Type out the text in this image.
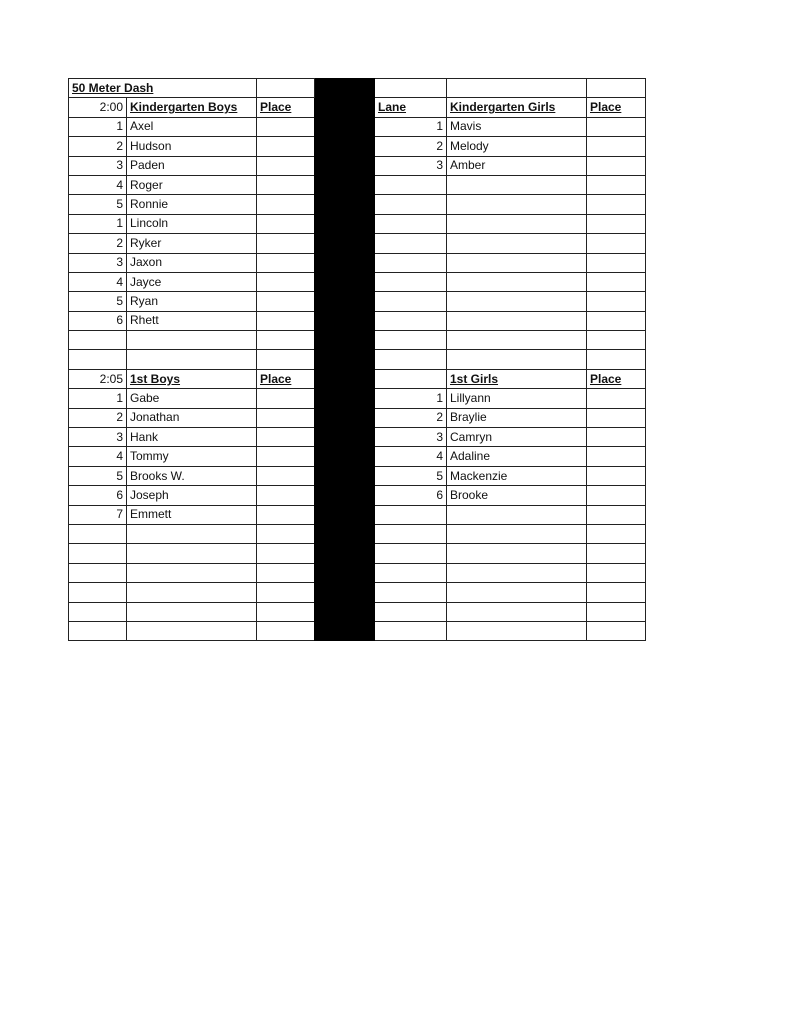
50 Meter Dash						
2:00	Kindergarten Boys	Place		Lane	Kindergarten Girls	Place
1	Axel			1	Mavis	
2	Hudson			2	Melody	
3	Paden			3	Amber	
4	Roger					
5	Ronnie					
1	Lincoln					
2	Ryker					
3	Jaxon					
4	Jayce					
5	Ryan					
6	Rhett					

2:05	1st Boys	Place			1st Girls	Place
1	Gabe			1	Lillyann	
2	Jonathan			2	Braylie	
3	Hank			3	Camryn	
4	Tommy			4	Adaline	
5	Brooks W.			5	Mackenzie	
6	Joseph			6	Brooke	
7	Emmett					
